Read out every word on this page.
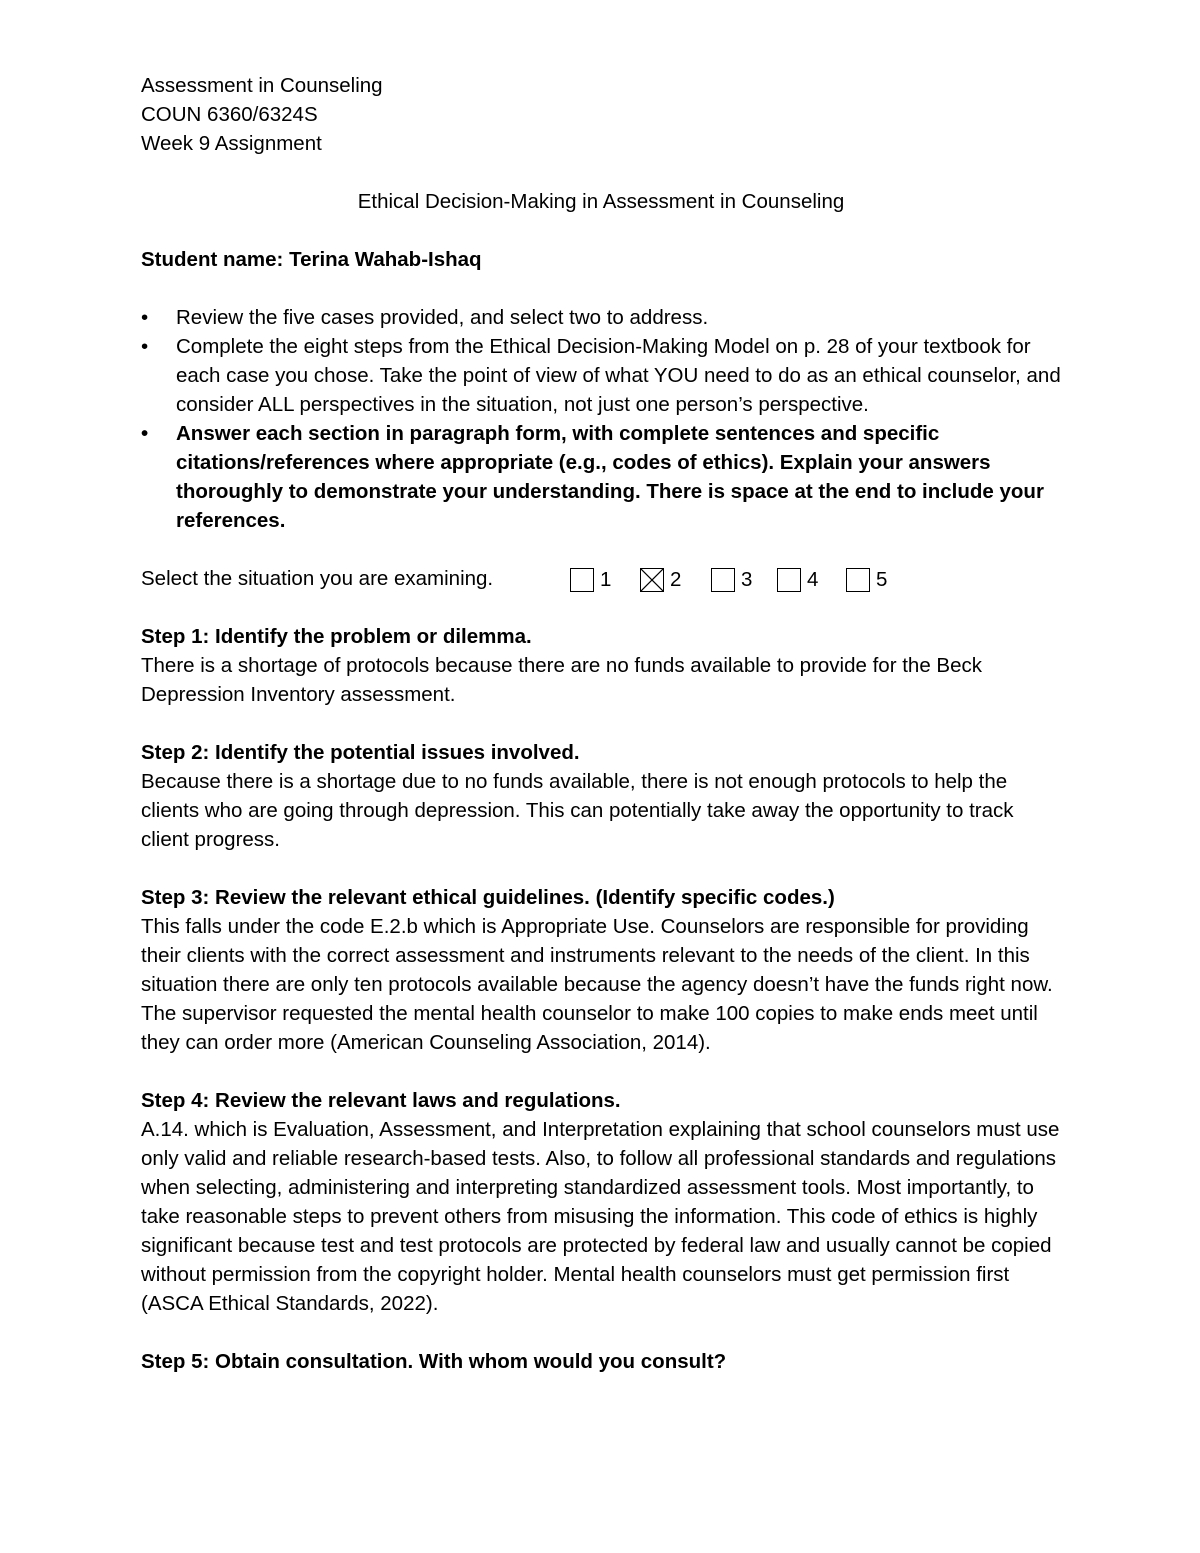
Assessment in Counseling

COUN 6360/6324S

Week 9 Assignment

Ethical Decision-Making in Assessment in Counseling

Student name: Terina Wahab-Ishaq

• Review the five cases provided, and select two to address.
• Complete the eight steps from the Ethical Decision-Making Model on p. 28 of your textbook for each case you chose. Take the point of view of what YOU need to do as an ethical counselor, and consider ALL perspectives in the situation, not just one person’s perspective.
• Answer each section in paragraph form, with complete sentences and specific citations/references where appropriate (e.g., codes of ethics). Explain your answers thoroughly to demonstrate your understanding. There is space at the end to include your references.
Select the situation you are examining.	1	2	3	4	5

Step 1: Identify the problem or dilemma.

There is a shortage of protocols because there are no funds available to provide for the Beck Depression Inventory assessment.

Step 2: Identify the potential issues involved.

Because there is a shortage due to no funds available, there is not enough protocols to help the clients who are going through depression. This can potentially take away the opportunity to track client progress.

Step 3: Review the relevant ethical guidelines. (Identify specific codes.)

This falls under the code E.2.b which is Appropriate Use. Counselors are responsible for providing their clients with the correct assessment and instruments relevant to the needs of the client. In this situation there are only ten protocols available because the agency doesn’t have the funds right now. The supervisor requested the mental health counselor to make 100 copies to make ends meet until they can order more (American Counseling Association, 2014).

Step 4: Review the relevant laws and regulations.

A.14. which is Evaluation, Assessment, and Interpretation explaining that school counselors must use only valid and reliable research-based tests. Also, to follow all professional standards and regulations when selecting, administering and interpreting standardized assessment tools. Most importantly, to take reasonable steps to prevent others from misusing the information. This code of ethics is highly significant because test and test protocols are protected by federal law and usually cannot be copied without permission from the copyright holder. Mental health counselors must get permission first (ASCA Ethical Standards, 2022).

Step 5: Obtain consultation. With whom would you consult?
